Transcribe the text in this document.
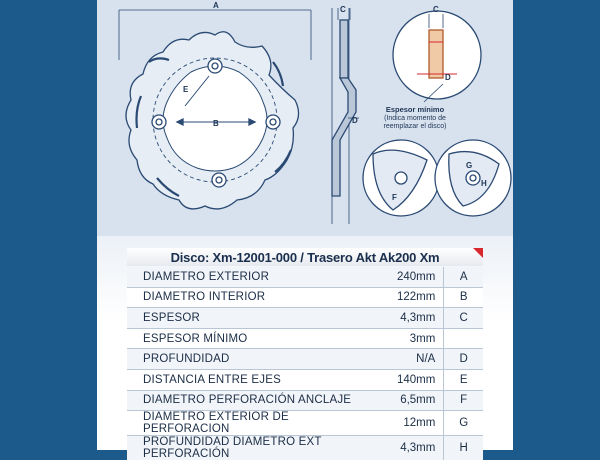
A
B
C
D
E
F
G
H
C
D
Espesor mínimo
(Indica momento de
reemplazar el disco)
Disco: Xm-12001-000 / Trasero Akt Ak200 Xm
DIAMETRO EXTERIOR	240mm	A
DIAMETRO INTERIOR	122mm	B
ESPESOR	4,3mm	C
ESPESOR MÍNIMO	3mm	
PROFUNDIDAD	N/A	D
DISTANCIA ENTRE EJES	140mm	E
DIAMETRO PERFORACIÓN ANCLAJE	6,5mm	F
DIAMETRO EXTERIOR DE PERFORACION	12mm	G
PROFUNDIDAD DIAMETRO EXT PERFORACIÓN	4,3mm	H
